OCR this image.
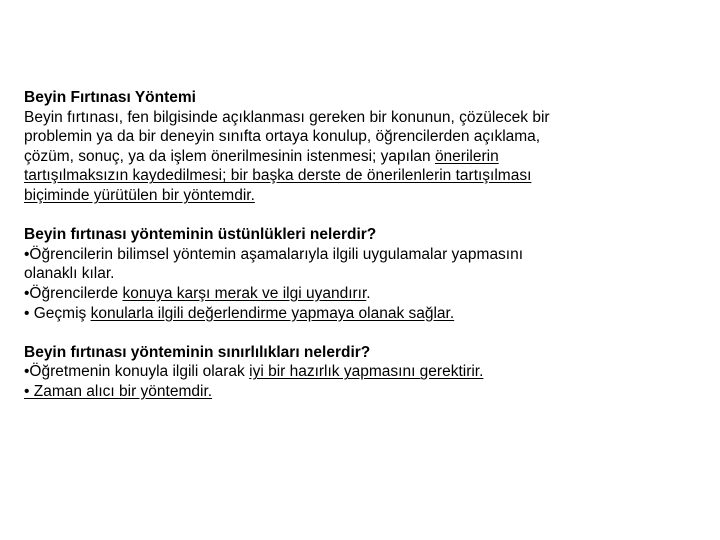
Beyin Fırtınası Yöntemi
Beyin fırtınası, fen bilgisinde açıklanması gereken bir konunun, çözülecek bir
problemin ya da bir deneyin sınıfta ortaya konulup, öğrencilerden açıklama,
çözüm, sonuç, ya da işlem önerilmesinin istenmesi; yapılan önerilerin
tartışılmaksızın kaydedilmesi; bir başka derste de önerilenlerin tartışılması
biçiminde yürütülen bir yöntemdir.
Beyin fırtınası yönteminin üstünlükleri nelerdir?
•Öğrencilerin bilimsel yöntemin aşamalarıyla ilgili uygulamalar yapmasını
olanaklı kılar.
•Öğrencilerde konuya karşı merak ve ilgi uyandırır.
• Geçmiş konularla ilgili değerlendirme yapmaya olanak sağlar.
Beyin fırtınası yönteminin sınırlılıkları nelerdir?
•Öğretmenin konuyla ilgili olarak iyi bir hazırlık yapmasını gerektirir.
• Zaman alıcı bir yöntemdir.
